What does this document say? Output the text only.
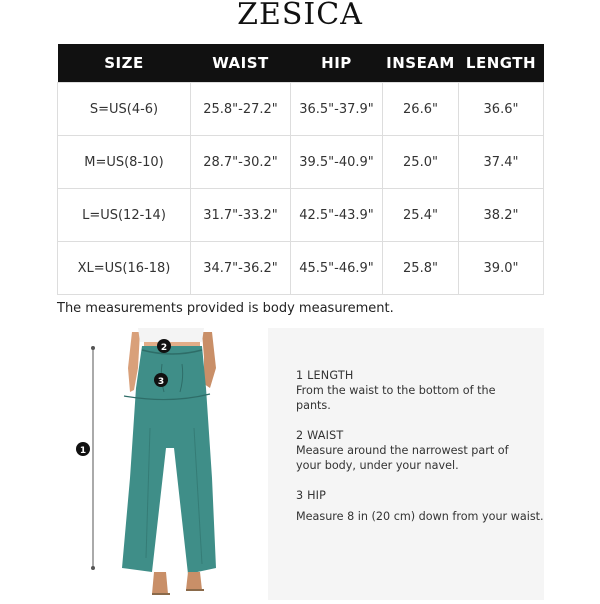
ZESICA
SIZE	WAIST	HIP	INSEAM	LENGTH
S=US(4-6)	25.8"-27.2"	36.5"-37.9"	26.6"	36.6"
M=US(8-10)	28.7"-30.2"	39.5"-40.9"	25.0"	37.4"
L=US(12-14)	31.7"-33.2"	42.5"-43.9"	25.4"	38.2"
XL=US(16-18)	34.7"-36.2"	45.5"-46.9"	25.8"	39.0"
The measurements provided is body measurement.
1
2
3	1 LENGTH
From the waist to the bottom of the
pants.
2 WAIST
Measure around the narrowest part of
your body, under your navel.
3 HIP
Measure 8 in (20 cm) down from your waist.
